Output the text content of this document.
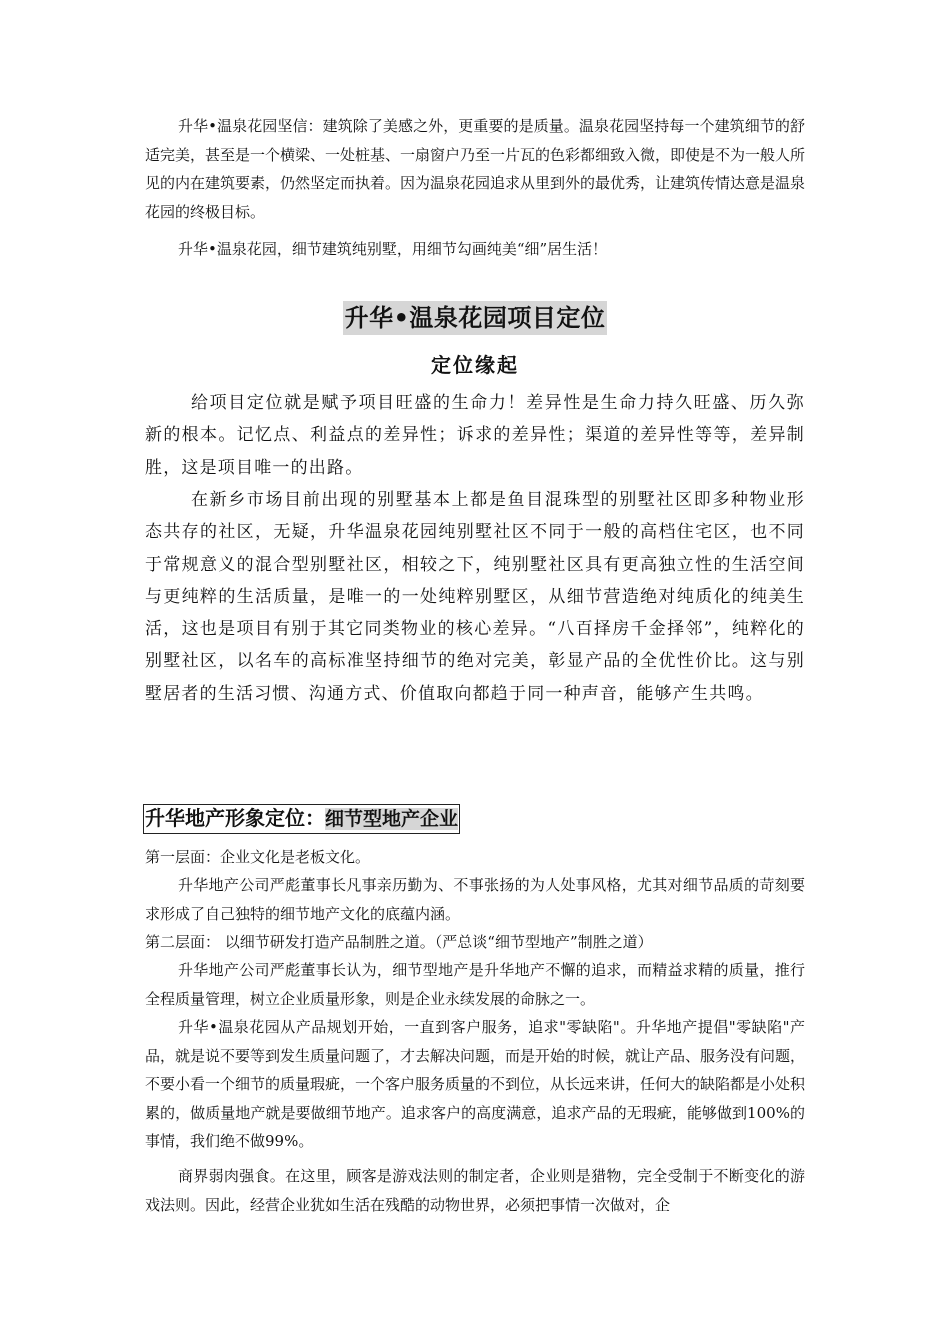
升华•温泉花园坚信：建筑除了美感之外，更重要的是质量。温泉花园坚持每一个建筑细节的舒适完美，甚至是一个横梁、一处桩基、一扇窗户乃至一片瓦的色彩都细致入微，即使是不为一般人所见的内在建筑要素，仍然坚定而执着。因为温泉花园追求从里到外的最优秀，让建筑传情达意是温泉花园的终极目标。

升华•温泉花园，细节建筑纯别墅，用细节勾画纯美“细”居生活！

升华•温泉花园项目定位
定位缘起

给项目定位就是赋予项目旺盛的生命力！差异性是生命力持久旺盛、历久弥新的根本。记忆点、利益点的差异性；诉求的差异性；渠道的差异性等等，差异制胜，这是项目唯一的出路。

在新乡市场目前出现的别墅基本上都是鱼目混珠型的别墅社区即多种物业形态共存的社区，无疑，升华温泉花园纯别墅社区不同于一般的高档住宅区，也不同于常规意义的混合型别墅社区，相较之下，纯别墅社区具有更高独立性的生活空间与更纯粹的生活质量，是唯一的一处纯粹别墅区，从细节营造绝对纯质化的纯美生活，这也是项目有别于其它同类物业的核心差异。“八百择房千金择邻”，纯粹化的别墅社区，以名车的高标准坚持细节的绝对完美，彰显产品的全优性价比。这与别墅居者的生活习惯、沟通方式、价值取向都趋于同一种声音，能够产生共鸣。

升华地产形象定位：细节型地产企业

第一层面：企业文化是老板文化。

升华地产公司严彪董事长凡事亲历勤为、不事张扬的为人处事风格，尤其对细节品质的苛刻要求形成了自己独特的细节地产文化的底蕴内涵。

第二层面： 以细节研发打造产品制胜之道。（严总谈“细节型地产”制胜之道）

升华地产公司严彪董事长认为，细节型地产是升华地产不懈的追求，而精益求精的质量，推行全程质量管理，树立企业质量形象，则是企业永续发展的命脉之一。

升华•温泉花园从产品规划开始，一直到客户服务，追求"零缺陷"。升华地产提倡"零缺陷"产品，就是说不要等到发生质量问题了，才去解决问题，而是开始的时候，就让产品、服务没有问题，不要小看一个细节的质量瑕疵，一个客户服务质量的不到位，从长远来讲，任何大的缺陷都是小处积累的，做质量地产就是要做细节地产。追求客户的高度满意，追求产品的无瑕疵，能够做到100%的事情，我们绝不做99%。

商界弱肉强食。在这里，顾客是游戏法则的制定者，企业则是猎物，完全受制于不断变化的游戏法则。因此，经营企业犹如生活在残酷的动物世界，必须把事情一次做对，企
